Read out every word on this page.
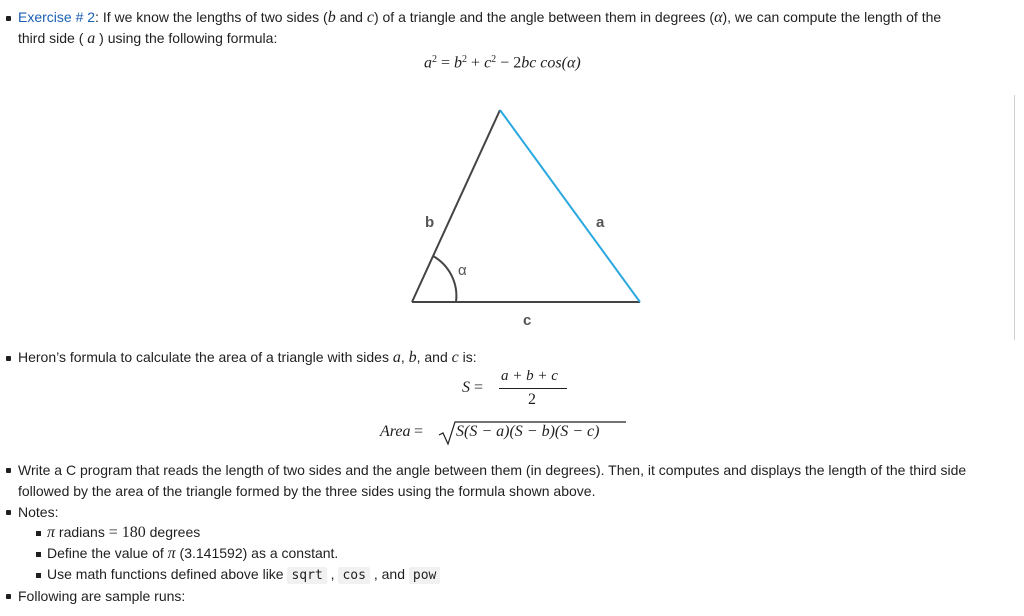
Exercise # 2: If we know the lengths of two sides (b and c) of a triangle and the angle between them in degrees (α), we can compute the length of the
third side ( a ) using the following formula:
$a^2 = b^2 + c^2 - 2bc$ cos(α)
b	a
c
α
Heron’s formula to calculate the area of a triangle with sides a, b, and c is:
S =
a + b + c
2
Area = S(S − a)(S − b)(S − c)
Write a C program that reads the length of two sides and the angle between them (in degrees). Then, it computes and displays the length of the third side
followed by the area of the triangle formed by the three sides using the formula shown above.
Notes:
π radians = 180 degrees
Define the value of π (3.141592) as a constant.
Use math functions defined above like sqrt , cos , and pow
Following are sample runs:
